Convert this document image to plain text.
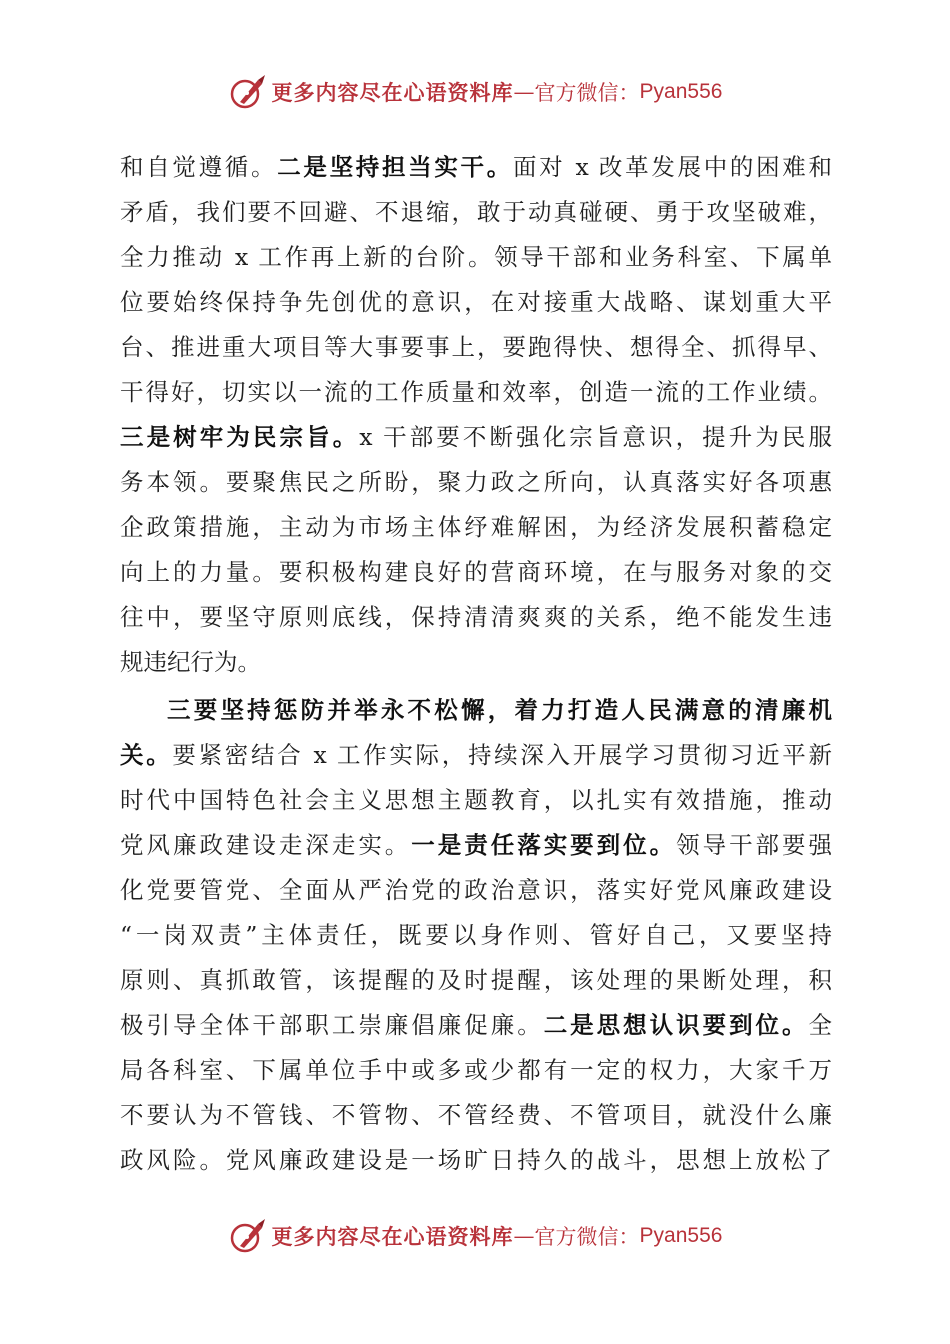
更多内容尽在心语资料库 — 官方微信： Pyan556
和自觉遵循。二是坚持担当实干。面对 x 改革发展中的困难和
矛盾，我们要不回避、不退缩，敢于动真碰硬、勇于攻坚破难，
全力推动 x 工作再上新的台阶。领导干部和业务科室、下属单
位要始终保持争先创优的意识，在对接重大战略、谋划重大平
台、推进重大项目等大事要事上，要跑得快、想得全、抓得早、
干得好，切实以一流的工作质量和效率，创造一流的工作业绩。
三是树牢为民宗旨。x 干部要不断强化宗旨意识，提升为民服
务本领。要聚焦民之所盼，聚力政之所向，认真落实好各项惠
企政策措施，主动为市场主体纾难解困，为经济发展积蓄稳定
向上的力量。要积极构建良好的营商环境，在与服务对象的交
往中，要坚守原则底线，保持清清爽爽的关系，绝不能发生违
规违纪行为。
三要坚持惩防并举永不松懈，着力打造人民满意的清廉机
关。要紧密结合 x 工作实际，持续深入开展学习贯彻习近平新
时代中国特色社会主义思想主题教育，以扎实有效措施，推动
党风廉政建设走深走实。一是责任落实要到位。领导干部要强
化党要管党、全面从严治党的政治意识，落实好党风廉政建设
“一岗双责”主体责任，既要以身作则、管好自己，又要坚持
原则、真抓敢管，该提醒的及时提醒，该处理的果断处理，积
极引导全体干部职工崇廉倡廉促廉。二是思想认识要到位。全
局各科室、下属单位手中或多或少都有一定的权力，大家千万
不要认为不管钱、不管物、不管经费、不管项目，就没什么廉
政风险。党风廉政建设是一场旷日持久的战斗，思想上放松了
更多内容尽在心语资料库 — 官方微信： Pyan556
